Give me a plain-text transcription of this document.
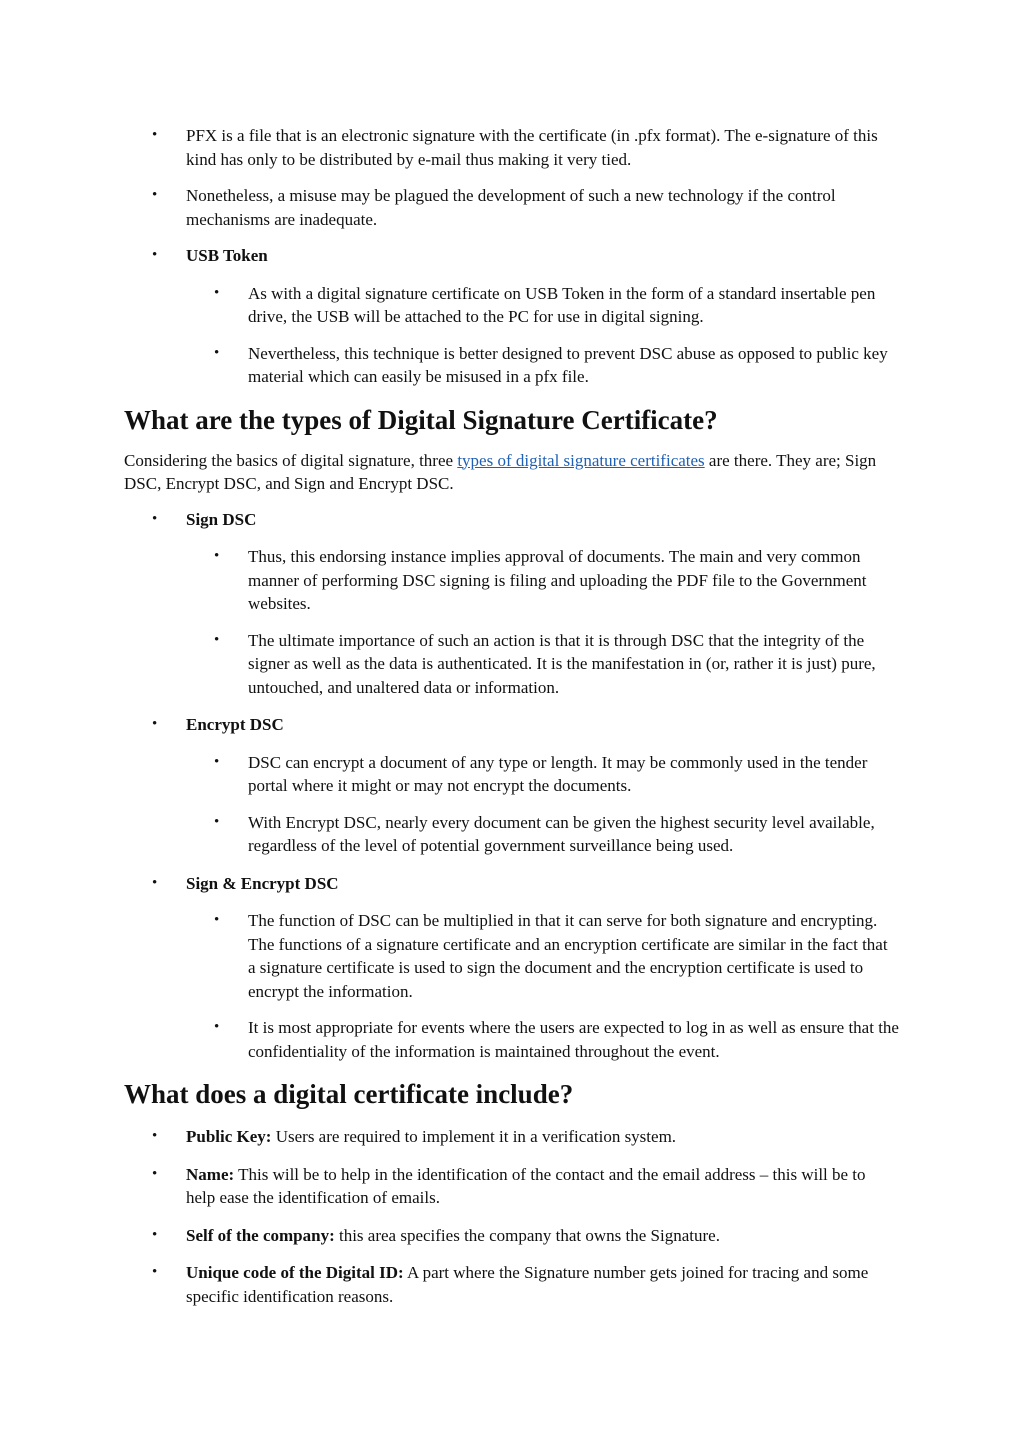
• PFX is a file that is an electronic signature with the certificate (in .pfx format). The e-signature of this kind has only to be distributed by e-mail thus making it very tied.
• Nonetheless, a misuse may be plagued the development of such a new technology if the control mechanisms are inadequate.
• USB Token
• As with a digital signature certificate on USB Token in the form of a standard insertable pen drive, the USB will be attached to the PC for use in digital signing.
• Nevertheless, this technique is better designed to prevent DSC abuse as opposed to public key material which can easily be misused in a pfx file.
What are the types of Digital Signature Certificate?

Considering the basics of digital signature, three types of digital signature certificates are there. They are; Sign DSC, Encrypt DSC, and Sign and Encrypt DSC.

• Sign DSC
• Thus, this endorsing instance implies approval of documents. The main and very common manner of performing DSC signing is filing and uploading the PDF file to the Government websites.
• The ultimate importance of such an action is that it is through DSC that the integrity of the signer as well as the data is authenticated. It is the manifestation in (or, rather it is just) pure, untouched, and unaltered data or information.
• Encrypt DSC
• DSC can encrypt a document of any type or length. It may be commonly used in the tender portal where it might or may not encrypt the documents.
• With Encrypt DSC, nearly every document can be given the highest security level available, regardless of the level of potential government surveillance being used.
• Sign & Encrypt DSC
• The function of DSC can be multiplied in that it can serve for both signature and encrypting. The functions of a signature certificate and an encryption certificate are similar in the fact that a signature certificate is used to sign the document and the encryption certificate is used to encrypt the information.
• It is most appropriate for events where the users are expected to log in as well as ensure that the confidentiality of the information is maintained throughout the event.
What does a digital certificate include?
• Public Key: Users are required to implement it in a verification system.
• Name: This will be to help in the identification of the contact and the email address – this will be to help ease the identification of emails.
• Self of the company: this area specifies the company that owns the Signature.
• Unique code of the Digital ID: A part where the Signature number gets joined for tracing and some specific identification reasons.
